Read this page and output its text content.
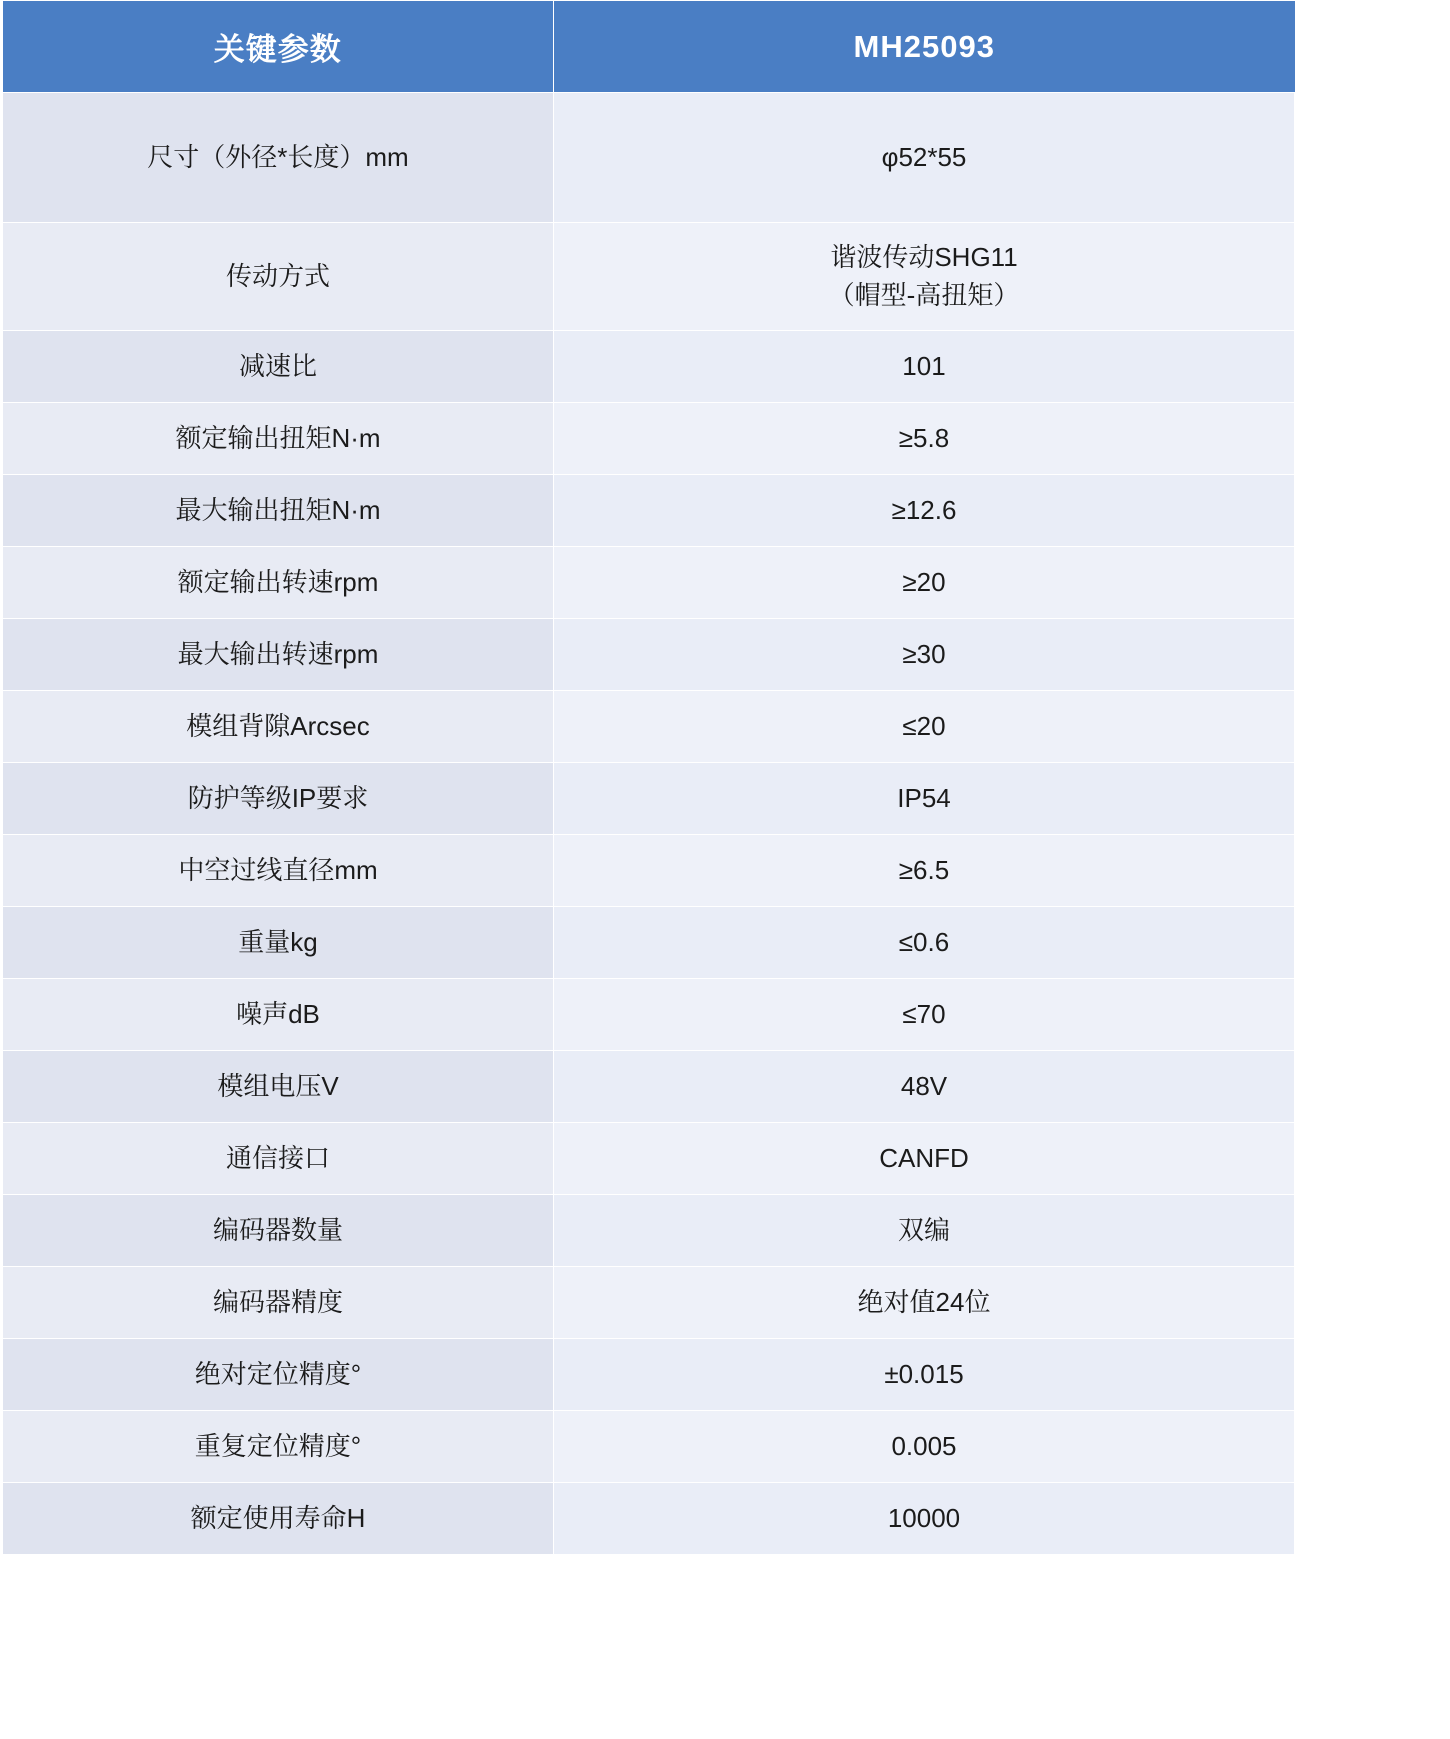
关键参数	MH25093
尺寸（外径*长度）mm	φ52*55
传动方式	谐波传动SHG11
（帽型-高扭矩）

减速比	101
额定输出扭矩N·m	≥5.8
最大输出扭矩N·m	≥12.6
额定输出转速rpm	≥20
最大输出转速rpm	≥30
模组背隙Arcsec	≤20
防护等级IP要求	IP54
中空过线直径mm	≥6.5
重量kg	≤0.6
噪声dB	≤70
模组电压V	48V
通信接口	CANFD
编码器数量	双编
编码器精度	绝对值24位
绝对定位精度°	±0.015
重复定位精度°	0.005
额定使用寿命H	10000
